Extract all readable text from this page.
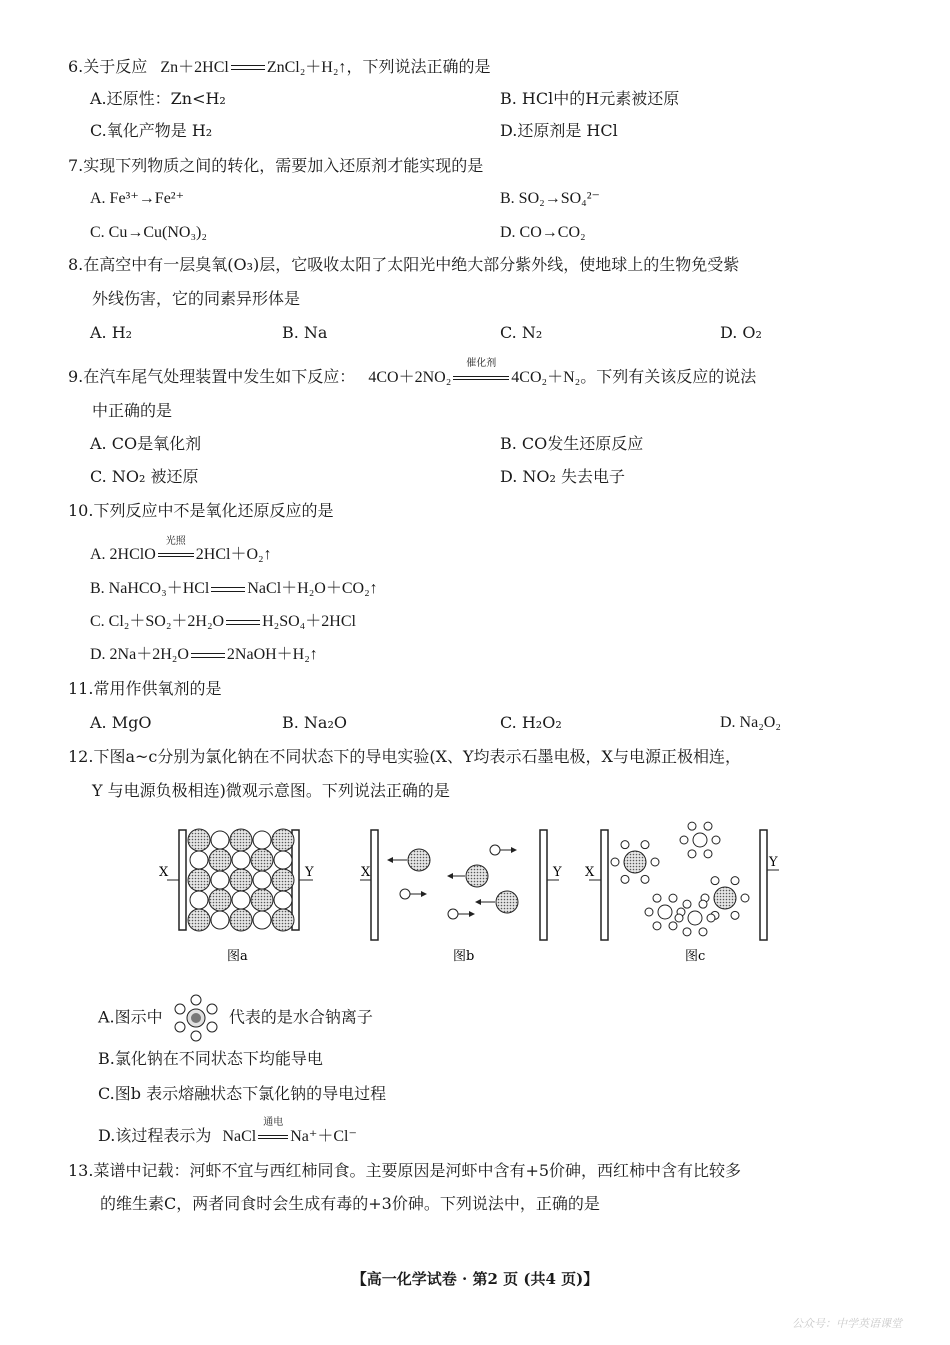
6.关于反应 Zn＋2HCl ZnCl₂＋H₂↑，下列说法正确的是
A.还原性：Zn<H₂	B. HCl中的H元素被还原
C.氧化产物是 H₂	D.还原剂是 HCl
7.实现下列物质之间的转化，需要加入还原剂才能实现的是
A. Fe³⁺→Fe²⁺	B. SO₂→SO₄²⁻
C. Cu→Cu(NO₃)₂	D. CO→CO₂
8.在高空中有一层臭氧(O₃)层，它吸收太阳了太阳光中绝大部分紫外线，使地球上的生物免受紫
外线伤害，它的同素异形体是
A. H₂	B. Na	C. N₂	D. O₂
9.在汽车尾气处理装置中发生如下反应： 4CO＋2NO₂
催化剂
4CO₂＋N₂。下列有关该反应的说法
中正确的是
A. CO是氧化剂	B. CO发生还原反应
C. NO₂ 被还原	D. NO₂ 失去电子
10.下列反应中不是氧化还原反应的是
A. 2HClO
光照
2HCl＋O₂↑
B. NaHCO₃＋HCl NaCl＋H₂O＋CO₂↑
C. Cl₂＋SO₂＋2H₂O H₂SO₄＋2HCl
D. 2Na＋2H₂O 2NaOH＋H₂↑
11.常用作供氧剂的是
A. MgO	B. Na₂O	C. H₂O₂	D. Na₂O₂
12.下图a~c分别为氯化钠在不同状态下的导电实验(X、Y均表示石墨电极，X与电源正极相连，
Y 与电源负极相连)微观示意图。下列说法正确的是
X	Y
图a
X	Y
图b
X
Y
图c
A.图示中	代表的是水合钠离子
B.氯化钠在不同状态下均能导电
C.图b 表示熔融状态下氯化钠的导电过程
D.该过程表示为 NaCl
通电
Na⁺＋Cl⁻
13.菜谱中记载：河虾不宜与西红柿同食。主要原因是河虾中含有+5价砷，西红柿中含有比较多
的维生素C，两者同食时会生成有毒的+3价砷。下列说法中，正确的是
【高一化学试卷 · 第2 页 (共4 页)】
公众号：中学英语课堂
